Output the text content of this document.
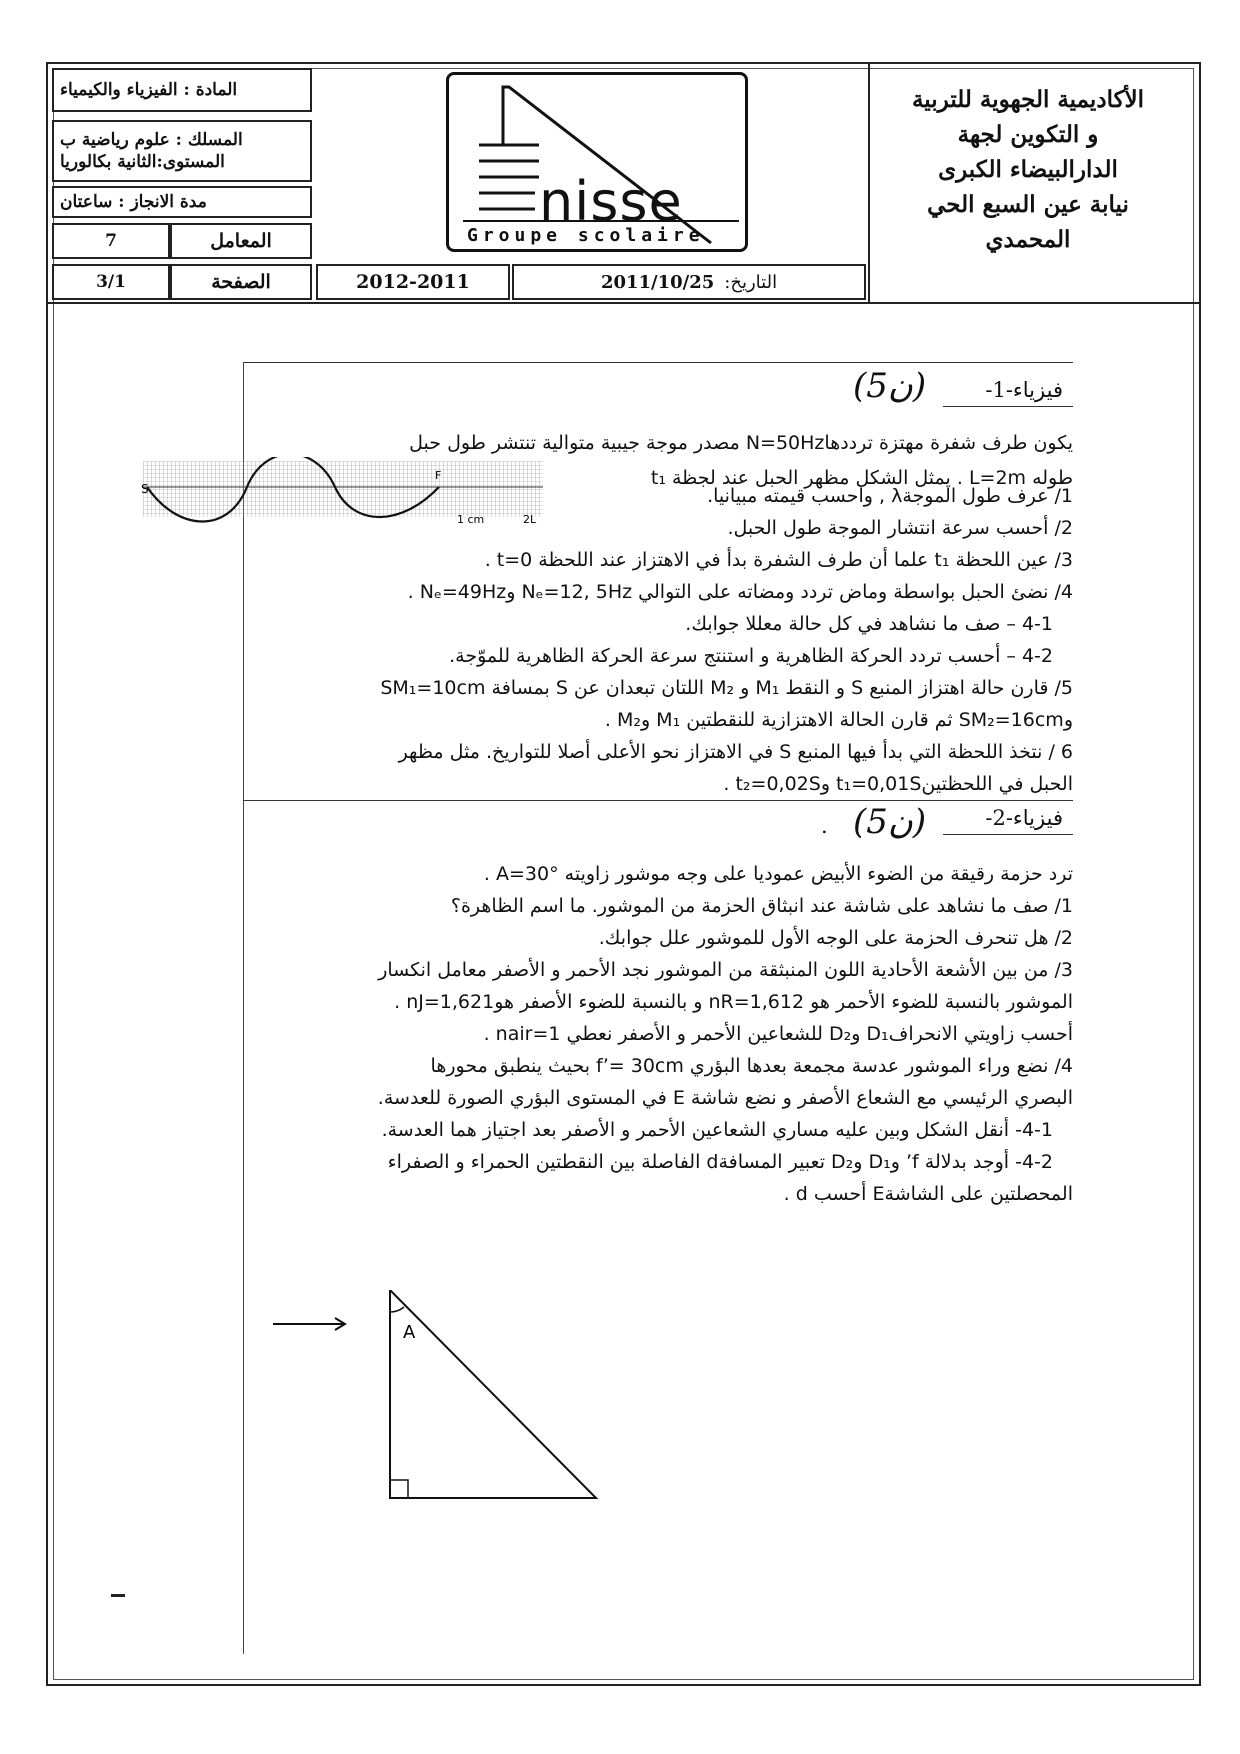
المادة : الفيزياء والكيمياء
المسلك : علوم رياضية ب
المستوى:الثانية بكالوريا
مدة الانجاز : ساعتان
7	المعامل
3/1	الصفحة	2012-2011	التاريخ:
2011/10/25
nisse
Groupe scolaire
الأكاديمية الجهوية للتربية
و التكوين لجهة
الدارالبيضاء الكبرى
نيابة عين السبع الحي
المحمدي
فيزياء-1-
(5ن)
يكون طرف شفرة مهتزة ترددهاN=50Hz مصدر موجة جيبية متوالية تنتشر طول حبل
طوله L=2m . يمثل الشكل مظهر الحبل عند لجظة t₁
S
F
1 cm	2L
1/ عرف طول الموجةλ , واحسب قيمته مبيانيا.
2/ أحسب سرعة انتشار الموجة طول الحبل.
3/ عين اللحظة t₁ علما أن طرف الشفرة بدأ في الاهتزاز عند اللحظة t=0 .
4/ نضئ الحبل بواسطة وماض تردد ومضاته على التوالي Nₑ=12, 5Hz وNₑ=49Hz .
4-1 – صف ما نشاهد في كل حالة معللا جوابك.
4-2 – أحسب تردد الحركة الظاهرية و استنتج سرعة الحركة الظاهرية للموّجة.
5/ قارن حالة اهتزاز المنبع S و النقط M₁ و M₂ اللتان تبعدان عن S بمسافة SM₁=10cm
وSM₂=16cm ثم قارن الحالة الاهتزازية للنقطتين M₁ وM₂ .
6 / نتخذ اللحظة التي بدأ فيها المنبع S في الاهتزاز نحو الأعلى أصلا للتواريخ. مثل مظهر
الحبل في اللحظتينt₁=0,01S وt₂=0,02S .
فيزياء-2-
(5ن)
.
ترد حزمة رقيقة من الضوء الأبيض عموديا على وجه موشور زاويته A=30° .
1/ صف ما نشاهد على شاشة عند انبثاق الحزمة من الموشور. ما اسم الظاهرة؟
2/ هل تنحرف الحزمة على الوجه الأول للموشور علل جوابك.
3/ من بين الأشعة الأحادية اللون المنبثقة من الموشور نجد الأحمر و الأصفر معامل انكسار
الموشور بالنسبة للضوء الأحمر هو nR=1,612 و بالنسبة للضوء الأصفر هوnJ=1,621 .
أحسب زاويتي الانحرافD₁ وD₂ للشعاعين الأحمر و الأصفر نعطي nair=1 .
4/ نضع وراء الموشور عدسة مجمعة بعدها البؤري f’= 30cm بحيث ينطبق محورها
البصري الرئيسي مع الشعاع الأصفر و نضع شاشة E في المستوى البؤري الصورة للعدسة.
4-1- أنقل الشكل وبين عليه مساري الشعاعين الأحمر و الأصفر بعد اجتياز هما العدسة.
4-2- أوجد بدلالة f’ وD₁ وD₂ تعبير المسافةd الفاصلة بين النقطتين الحمراء و الصفراء
المحصلتين على الشاشةE أحسب d .
A
